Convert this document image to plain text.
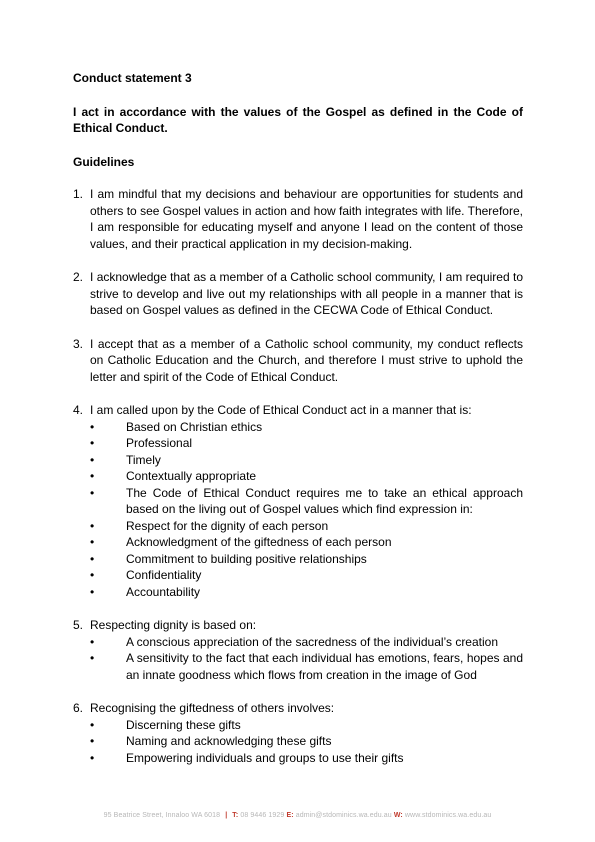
Conduct statement 3

I act in accordance with the values of the Gospel as defined in the Code of Ethical Conduct.

Guidelines

1. I am mindful that my decisions and behaviour are opportunities for students and others to see Gospel values in action and how faith integrates with life. Therefore, I am responsible for educating myself and anyone I lead on the content of those values, and their practical application in my decision-making.
2. I acknowledge that as a member of a Catholic school community, I am required to strive to develop and live out my relationships with all people in a manner that is based on Gospel values as defined in the CECWA Code of Ethical Conduct.
3. I accept that as a member of a Catholic school community, my conduct reflects on Catholic Education and the Church, and therefore I must strive to uphold the letter and spirit of the Code of Ethical Conduct.
4. I am called upon by the Code of Ethical Conduct act in a manner that is:
•	Based on Christian ethics
•	Professional
•	Timely
•	Contextually appropriate
•	The Code of Ethical Conduct requires me to take an ethical approach based on the living out of Gospel values which find expression in:
•	Respect for the dignity of each person
•	Acknowledgment of the giftedness of each person
•	Commitment to building positive relationships
•	Confidentiality
•	Accountability
5. Respecting dignity is based on:
•	A conscious appreciation of the sacredness of the individual’s creation
•	A sensitivity to the fact that each individual has emotions, fears, hopes and an innate goodness which flows from creation in the image of God
6. Recognising the giftedness of others involves:
•	Discerning these gifts
•	Naming and acknowledging these gifts
•	Empowering individuals and groups to use their gifts
95 Beatrice Street, Innaloo WA 6018 | T: 08 9446 1929 E: admin@stdominics.wa.edu.au W: www.stdominics.wa.edu.au
